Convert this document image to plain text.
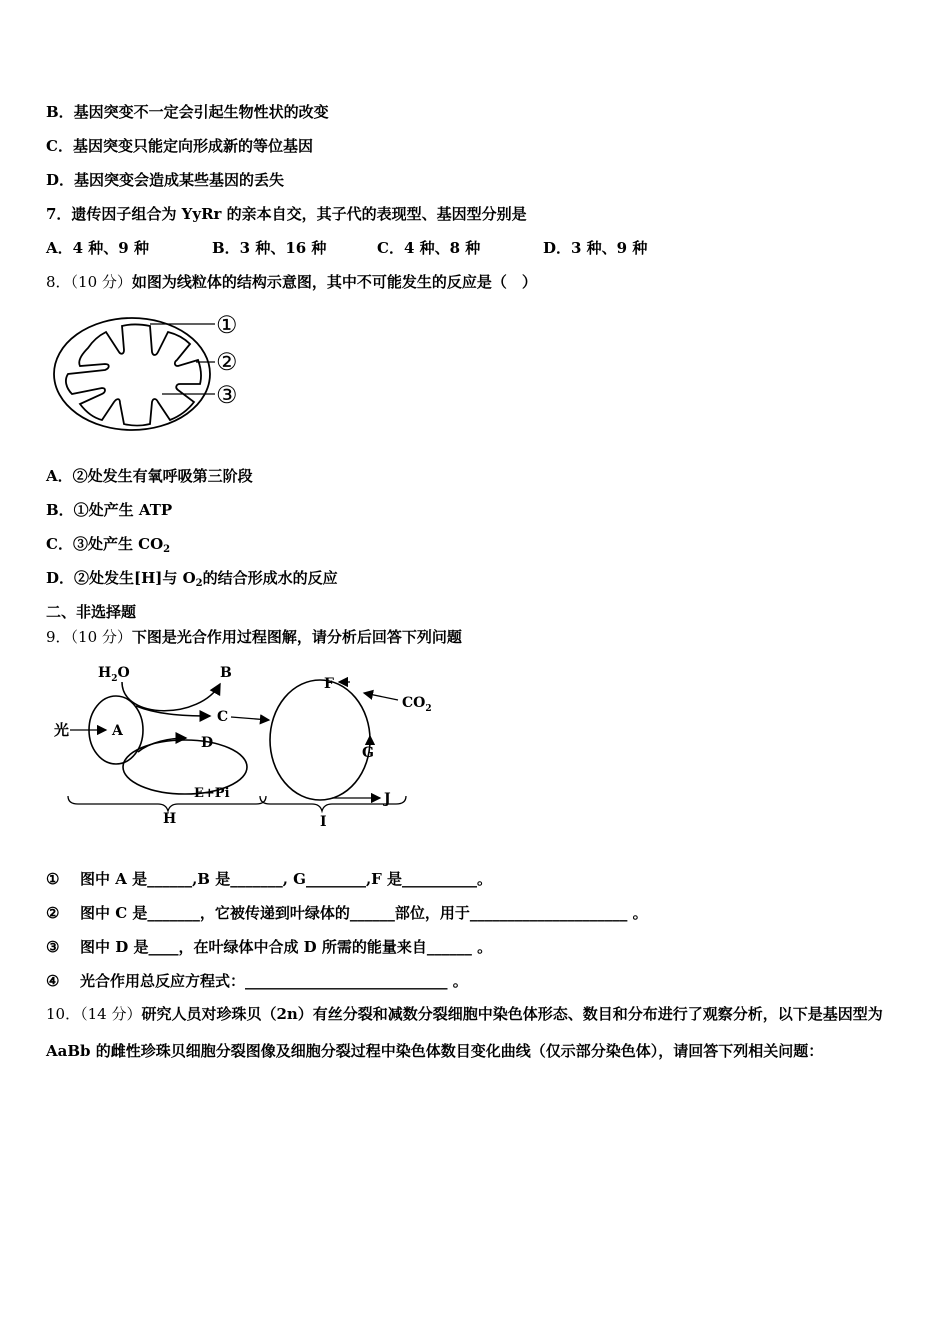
B．基因突变不一定会引起生物性状的改变
C．基因突变只能定向形成新的等位基因
D．基因突变会造成某些基因的丢失
7．遗传因子组合为 YyRr 的亲本自交，其子代的表现型、基因型分别是
A．4 种、9 种	B．3 种、16 种	C．4 种、8 种	D．3 种、9 种
8．（10 分）如图为线粒体的结构示意图，其中不可能发生的反应是（　）
①
②
③
A．②处发生有氧呼吸第三阶段
B．①处产生 ATP
C．③处产生 $CO_2$
D．②处发生[H]与 $O_2$的结合形成水的反应
二、非选择题
9．（10 分）下图是光合作用过程图解，请分析后回答下列问题
$H_2O$	B
光	A
C
D
E+Pi
H
F
$CO_2$
G
J
I
① 图中 A 是______,B 是_______, G________,F 是__________。
② 图中 C 是_______，它被传递到叶绿体的______部位，用于_____________________ 。
③ 图中 D 是____，在叶绿体中合成 D 所需的能量来自______ 。
④ 光合作用总反应方程式：___________________________ 。
10．（14 分）研究人员对珍珠贝（2n）有丝分裂和减数分裂细胞中染色体形态、数目和分布进行了观察分析，以下是基因型为 AaBb 的雌性珍珠贝细胞分裂图像及细胞分裂过程中染色体数目变化曲线（仅示部分染色体），请回答下列相关问题：
